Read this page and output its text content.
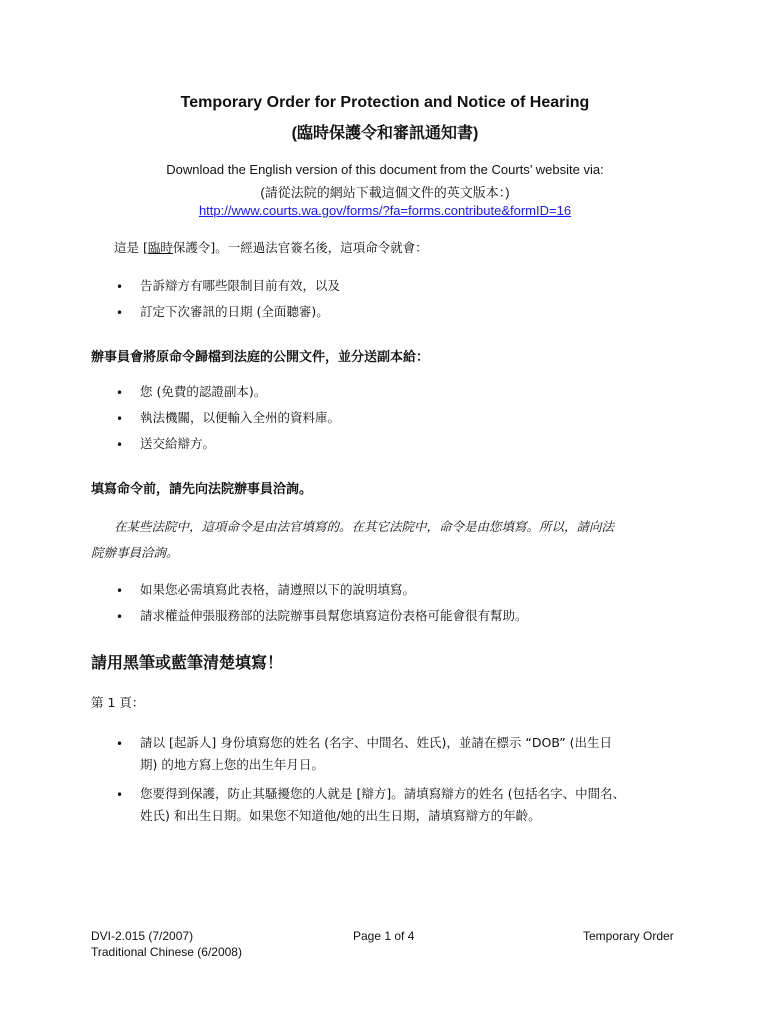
Temporary Order for Protection and Notice of Hearing
(臨時保護令和審訊通知書)
Download the English version of this document from the Courts’ website via:
(請從法院的網站下載這個文件的英文版本：)
http://www.courts.wa.gov/forms/?fa=forms.contribute&formID=16
這是 [臨時保護令]。一經過法官簽名後，這項命令就會：
• 告訴辯方有哪些限制目前有效，以及
• 訂定下次審訊的日期 (全面聽審)。
辦事員會將原命令歸檔到法庭的公開文件，並分送副本給：
• 您 (免費的認證副本)。
• 執法機關，以便輸入全州的資料庫。
• 送交給辯方。
填寫命令前，請先向法院辦事員洽詢。
在某些法院中，這項命令是由法官填寫的。在其它法院中，命令是由您填寫。所以，請向法
院辦事員洽詢。
• 如果您必需填寫此表格，請遵照以下的說明填寫。
• 請求權益伸張服務部的法院辦事員幫您填寫這份表格可能會很有幫助。
請用黑筆或藍筆清楚填寫！
第 1 頁：
• 請以 [起訴人] 身份填寫您的姓名 (名字、中間名、姓氏)，並請在標示 “DOB” (出生日
期) 的地方寫上您的出生年月日。
• 您要得到保護，防止其騷擾您的人就是 [辯方]。請填寫辯方的姓名 (包括名字、中間名、
姓氏) 和出生日期。如果您不知道他/她的出生日期，請填寫辯方的年齡。
DVI-2.015 (7/2007)
Traditional Chinese (6/2008)
Page 1 of 4	Temporary Order
